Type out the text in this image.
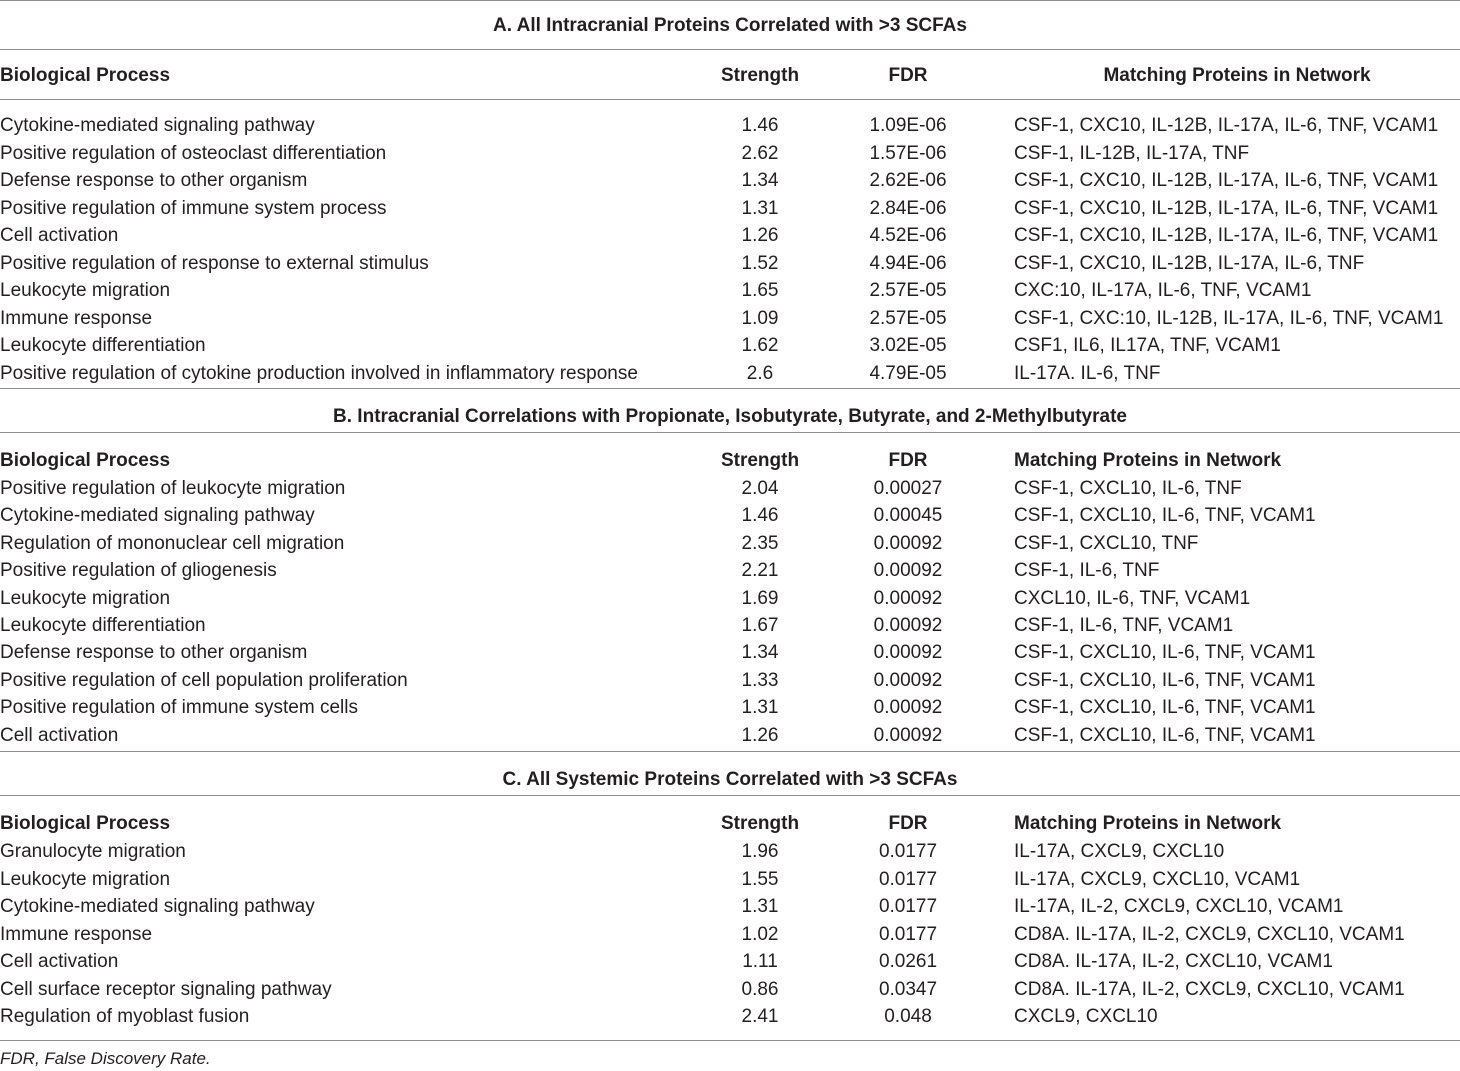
A. All Intracranial Proteins Correlated with >3 SCFAs
Biological Process	Strength	FDR	Matching Proteins in Network
Cytokine-mediated signaling pathway	1.46	1.09E-06	CSF-1, CXC10, IL-12B, IL-17A, IL-6, TNF, VCAM1
Positive regulation of osteoclast differentiation	2.62	1.57E-06	CSF-1, IL-12B, IL-17A, TNF
Defense response to other organism	1.34	2.62E-06	CSF-1, CXC10, IL-12B, IL-17A, IL-6, TNF, VCAM1
Positive regulation of immune system process	1.31	2.84E-06	CSF-1, CXC10, IL-12B, IL-17A, IL-6, TNF, VCAM1
Cell activation	1.26	4.52E-06	CSF-1, CXC10, IL-12B, IL-17A, IL-6, TNF, VCAM1
Positive regulation of response to external stimulus	1.52	4.94E-06	CSF-1, CXC10, IL-12B, IL-17A, IL-6, TNF
Leukocyte migration	1.65	2.57E-05	CXC:10, IL-17A, IL-6, TNF, VCAM1
Immune response	1.09	2.57E-05	CSF-1, CXC:10, IL-12B, IL-17A, IL-6, TNF, VCAM1
Leukocyte differentiation	1.62	3.02E-05	CSF1, IL6, IL17A, TNF, VCAM1
Positive regulation of cytokine production involved in inflammatory response	2.6	4.79E-05	IL-17A. IL-6, TNF
B. Intracranial Correlations with Propionate, Isobutyrate, Butyrate, and 2-Methylbutyrate
Biological Process	Strength	FDR	Matching Proteins in Network
Positive regulation of leukocyte migration	2.04	0.00027	CSF-1, CXCL10, IL-6, TNF
Cytokine-mediated signaling pathway	1.46	0.00045	CSF-1, CXCL10, IL-6, TNF, VCAM1
Regulation of mononuclear cell migration	2.35	0.00092	CSF-1, CXCL10, TNF
Positive regulation of gliogenesis	2.21	0.00092	CSF-1, IL-6, TNF
Leukocyte migration	1.69	0.00092	CXCL10, IL-6, TNF, VCAM1
Leukocyte differentiation	1.67	0.00092	CSF-1, IL-6, TNF, VCAM1
Defense response to other organism	1.34	0.00092	CSF-1, CXCL10, IL-6, TNF, VCAM1
Positive regulation of cell population proliferation	1.33	0.00092	CSF-1, CXCL10, IL-6, TNF, VCAM1
Positive regulation of immune system cells	1.31	0.00092	CSF-1, CXCL10, IL-6, TNF, VCAM1
Cell activation	1.26	0.00092	CSF-1, CXCL10, IL-6, TNF, VCAM1
C. All Systemic Proteins Correlated with >3 SCFAs
Biological Process	Strength	FDR	Matching Proteins in Network
Granulocyte migration	1.96	0.0177	IL-17A, CXCL9, CXCL10
Leukocyte migration	1.55	0.0177	IL-17A, CXCL9, CXCL10, VCAM1
Cytokine-mediated signaling pathway	1.31	0.0177	IL-17A, IL-2, CXCL9, CXCL10, VCAM1
Immune response	1.02	0.0177	CD8A. IL-17A, IL-2, CXCL9, CXCL10, VCAM1
Cell activation	1.11	0.0261	CD8A. IL-17A, IL-2, CXCL10, VCAM1
Cell surface receptor signaling pathway	0.86	0.0347	CD8A. IL-17A, IL-2, CXCL9, CXCL10, VCAM1
Regulation of myoblast fusion	2.41	0.048	CXCL9, CXCL10
FDR, False Discovery Rate.
